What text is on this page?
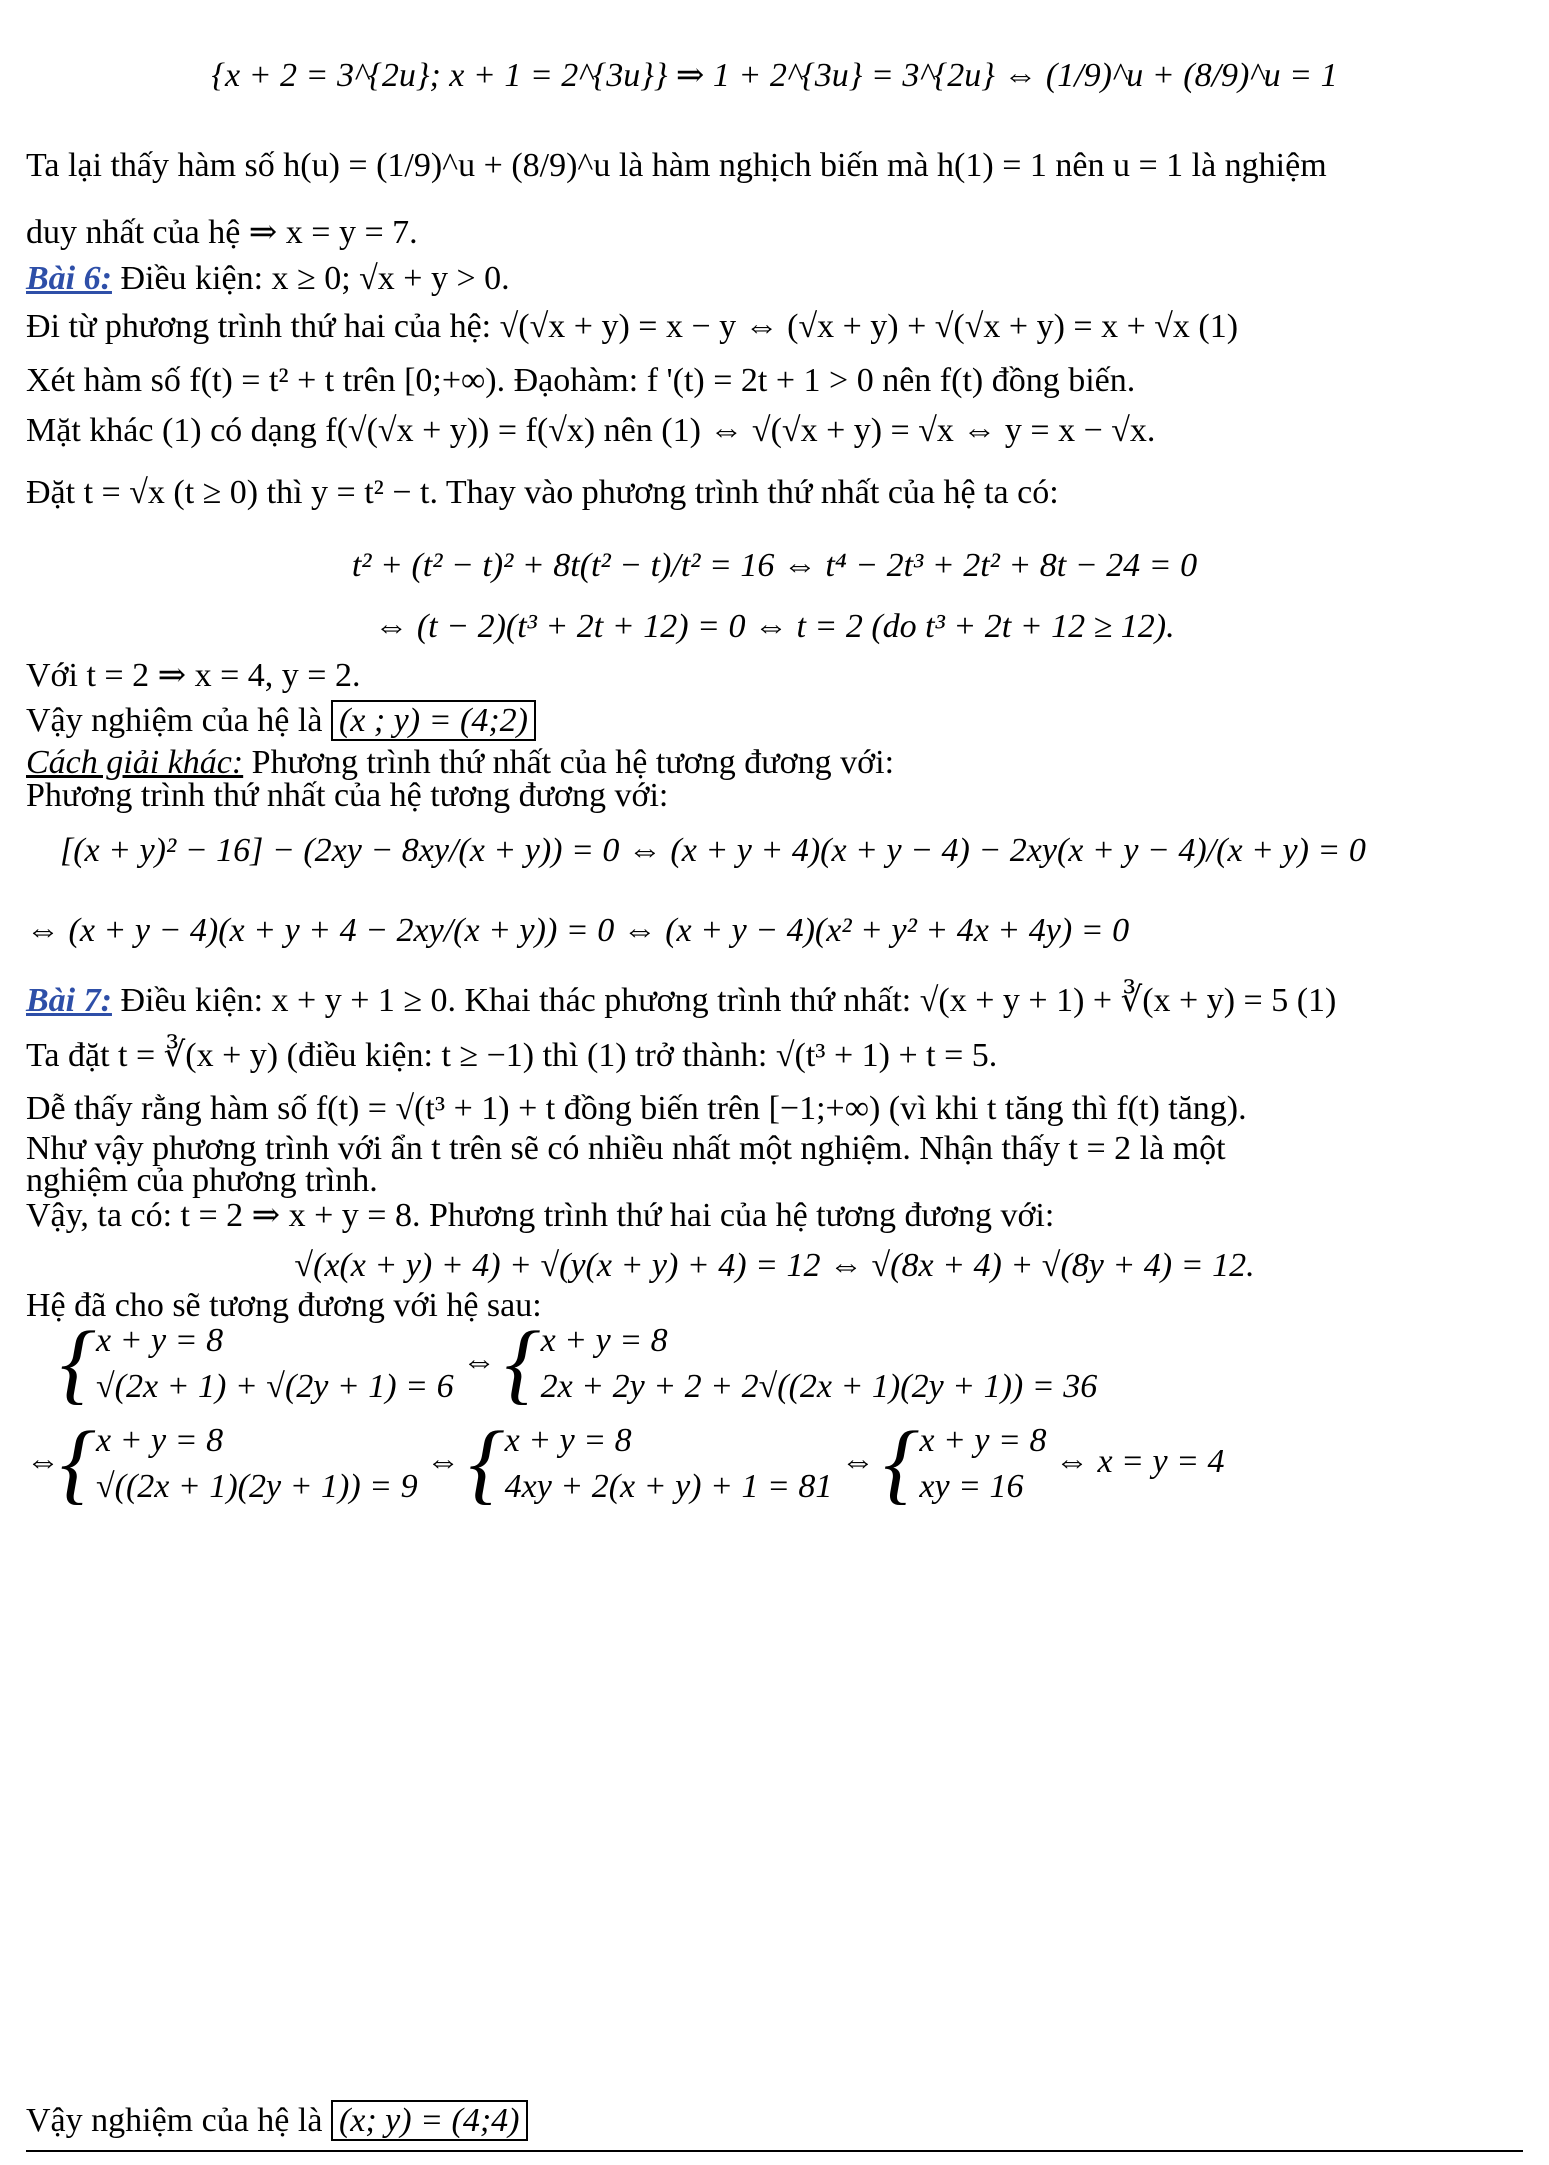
{x + 2 = 3^{2u}; x + 1 = 2^{3u}} ⇒ 1 + 2^{3u} = 3^{2u} ⇔ (1/9)^u + (8/9)^u = 1
Ta lại thấy hàm số h(u) = (1/9)^u + (8/9)^u là hàm nghịch biến mà h(1) = 1 nên u = 1 là nghiệm
duy nhất của hệ ⇒ x = y = 7.
Bài 6: Điều kiện: x ≥ 0; √x + y > 0.
Đi từ phương trình thứ hai của hệ: √(√x + y) = x − y ⇔ (√x + y) + √(√x + y) = x + √x (1)
Xét hàm số f(t) = t² + t trên [0;+∞). Đạohàm: f '(t) = 2t + 1 > 0 nên f(t) đồng biến.
Mặt khác (1) có dạng f(√(√x + y)) = f(√x) nên (1) ⇔ √(√x + y) = √x ⇔ y = x − √x.
Đặt t = √x (t ≥ 0) thì y = t² − t. Thay vào phương trình thứ nhất của hệ ta có:
t² + (t² − t)² + 8t(t² − t)/t² = 16 ⇔ t⁴ − 2t³ + 2t² + 8t − 24 = 0
⇔ (t − 2)(t³ + 2t + 12) = 0 ⇔ t = 2 (do t³ + 2t + 12 ≥ 12).
Với t = 2 ⇒ x = 4, y = 2.
Vậy nghiệm của hệ là (x ; y) = (4;2)
Cách giải khác: Phương trình thứ nhất của hệ tương đương với:
Phương trình thứ nhất của hệ tương đương với:
[(x + y)² − 16] − (2xy − 8xy/(x + y)) = 0 ⇔ (x + y + 4)(x + y − 4) − 2xy(x + y − 4)/(x + y) = 0
⇔ (x + y − 4)(x + y + 4 − 2xy/(x + y)) = 0 ⇔ (x + y − 4)(x² + y² + 4x + 4y) = 0
Bài 7: Điều kiện: x + y + 1 ≥ 0. Khai thác phương trình thứ nhất: √(x + y + 1) + ∛(x + y) = 5 (1)
Ta đặt t = ∛(x + y) (điều kiện: t ≥ −1) thì (1) trở thành: √(t³ + 1) + t = 5.
Dễ thấy rằng hàm số f(t) = √(t³ + 1) + t đồng biến trên [−1;+∞) (vì khi t tăng thì f(t) tăng).
Như vậy phương trình với ẩn t trên sẽ có nhiều nhất một nghiệm. Nhận thấy t = 2 là một
nghiệm của phương trình.
Vậy, ta có: t = 2 ⇒ x + y = 8. Phương trình thứ hai của hệ tương đương với:
√(x(x + y) + 4) + √(y(x + y) + 4) = 12 ⇔ √(8x + 4) + √(8y + 4) = 12.
Hệ đã cho sẽ tương đương với hệ sau:
{x + y = 8
√(2x + 1) + √(2y + 1) = 6 ⇔ {x + y = 8
2x + 2y + 2 + 2√((2x + 1)(2y + 1)) = 36
⇔{x + y = 8
√((2x + 1)(2y + 1)) = 9 ⇔ {x + y = 8
4xy + 2(x + y) + 1 = 81 ⇔ {x + y = 8
xy = 16 ⇔ x = y = 4
Vậy nghiệm của hệ là (x; y) = (4;4)
